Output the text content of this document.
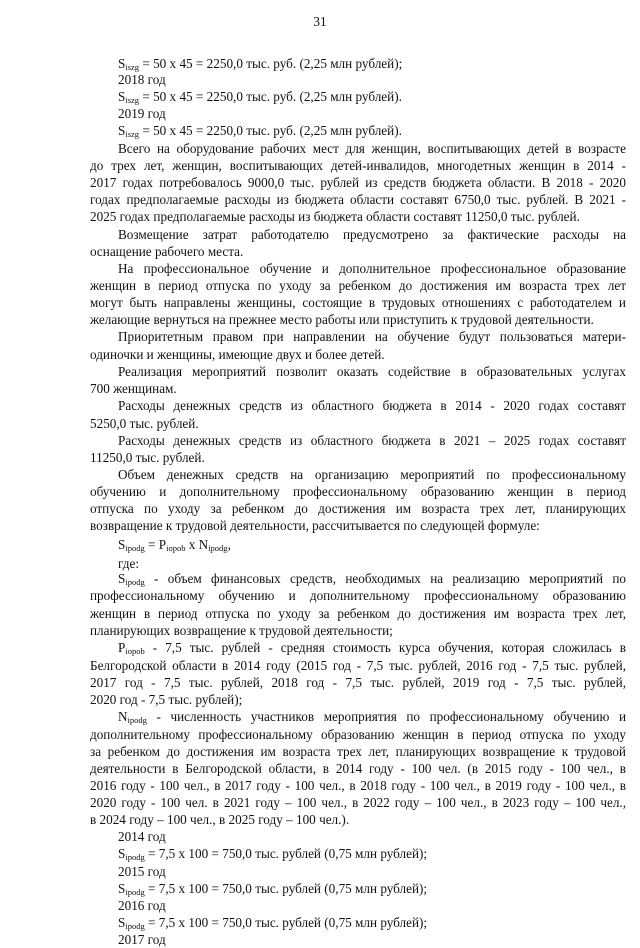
31
$S_{iszg} = 50$ х 45 = 2250,0 тыс. руб. (2,25 млн рублей);
2018 год
$S_{iszg} = 50$ х 45 = 2250,0 тыс. руб. (2,25 млн рублей).
2019 год
$S_{iszg} = 50$ х 45 = 2250,0 тыс. руб. (2,25 млн рублей).
Всего на оборудование рабочих мест для женщин, воспитывающих детей в возрасте
до трех лет, женщин, воспитывающих детей-инвалидов, многодетных женщин в 2014 -
2017 годах потребовалось 9000,0 тыс. рублей из средств бюджета области. В 2018 - 2020
годах предполагаемые расходы из бюджета области составят 6750,0 тыс. рублей. В 2021 -
2025 годах предполагаемые расходы из бюджета области составят 11250,0 тыс. рублей.
Возмещение затрат работодателю предусмотрено за фактические расходы на
оснащение рабочего места.
На профессиональное обучение и дополнительное профессиональное образование
женщин в период отпуска по уходу за ребенком до достижения им возраста трех лет
могут быть направлены женщины, состоящие в трудовых отношениях с работодателем и
желающие вернуться на прежнее место работы или приступить к трудовой деятельности.
Приоритетным правом при направлении на обучение будут пользоваться матери-
одиночки и женщины, имеющие двух и более детей.
Реализация мероприятий позволит оказать содействие в образовательных услугах
700 женщинам.
Расходы денежных средств из областного бюджета в 2014 - 2020 годах составят
5250,0 тыс. рублей.
Расходы денежных средств из областного бюджета в 2021 – 2025 годах составят
11250,0 тыс. рублей.
Объем денежных средств на организацию мероприятий по профессиональному
обучению и дополнительному профессиональному образованию женщин в период
отпуска по уходу за ребенком до достижения им возраста трех лет, планирующих
возвращение к трудовой деятельности, рассчитывается по следующей формуле:
$S_{ipodg} = P_{iopob}$ х $N_{ipodg}$,
где:
$S_{ipodg}$ - объем финансовых средств, необходимых на реализацию мероприятий по
профессиональному обучению и дополнительному профессиональному образованию
женщин в период отпуска по уходу за ребенком до достижения им возраста трех лет,
планирующих возвращение к трудовой деятельности;
$P_{iopob} - 7,5$ тыс. рублей - средняя стоимость курса обучения, которая сложилась в
Белгородской области в 2014 году (2015 год - 7,5 тыс. рублей, 2016 год - 7,5 тыс. рублей,
2017 год - 7,5 тыс. рублей, 2018 год - 7,5 тыс. рублей, 2019 год - 7,5 тыс. рублей,
2020 год - 7,5 тыс. рублей);
$N_{ipodg}$ - численность участников мероприятия по профессиональному обучению и
дополнительному профессиональному образованию женщин в период отпуска по уходу
за ребенком до достижения им возраста трех лет, планирующих возвращение к трудовой
деятельности в Белгородской области, в 2014 году - 100 чел. (в 2015 году - 100 чел., в
2016 году - 100 чел., в 2017 году - 100 чел., в 2018 году - 100 чел., в 2019 году - 100 чел., в
2020 году - 100 чел. в 2021 году – 100 чел., в 2022 году – 100 чел., в 2023 году – 100 чел.,
в 2024 году – 100 чел., в 2025 году – 100 чел.).
2014 год
$S_{ipodg} = 7,5$ х 100 = 750,0 тыс. рублей (0,75 млн рублей);
2015 год
$S_{ipodg} = 7,5$ х 100 = 750,0 тыс. рублей (0,75 млн рублей);
2016 год
$S_{ipodg} = 7,5$ х 100 = 750,0 тыс. рублей (0,75 млн рублей);
2017 год
